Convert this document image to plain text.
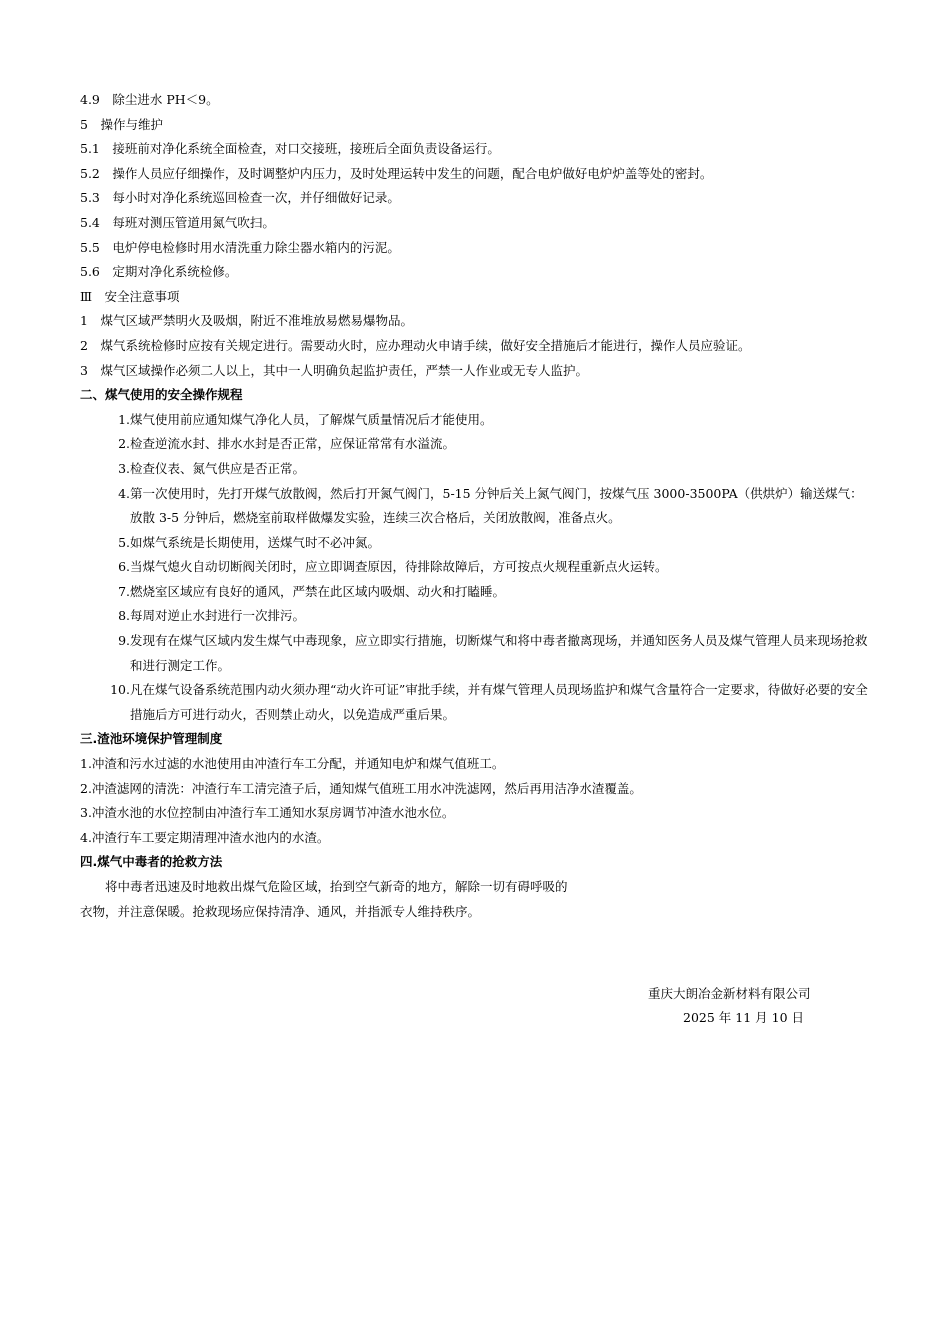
4.9　除尘进水 PH＜9。
5　操作与维护
5.1　接班前对净化系统全面检查，对口交接班，接班后全面负责设备运行。
5.2　操作人员应仔细操作，及时调整炉内压力，及时处理运转中发生的问题，配合电炉做好电炉炉盖等处的密封。
5.3　每小时对净化系统巡回检查一次，并仔细做好记录。
5.4　每班对测压管道用氮气吹扫。
5.5　电炉停电检修时用水清洗重力除尘器水箱内的污泥。
5.6　定期对净化系统检修。
Ⅲ　安全注意事项
1　煤气区域严禁明火及吸烟，附近不准堆放易燃易爆物品。
2　煤气系统检修时应按有关规定进行。需要动火时，应办理动火申请手续，做好安全措施后才能进行，操作人员应验证。
3　煤气区域操作必须二人以上，其中一人明确负起监护责任，严禁一人作业或无专人监护。
二、煤气使用的安全操作规程
1. 煤气使用前应通知煤气净化人员，了解煤气质量情况后才能使用。
2. 检查逆流水封、排水水封是否正常，应保证常常有水溢流。
3. 检查仪表、氮气供应是否正常。
4. 第一次使用时，先打开煤气放散阀，然后打开氮气阀门，5-15 分钟后关上氮气阀门，按煤气压 3000-3500PA（供烘炉）输送煤气：放散 3-5 分钟后，燃烧室前取样做爆发实验，连续三次合格后，关闭放散阀，准备点火。
5. 如煤气系统是长期使用，送煤气时不必冲氮。
6. 当煤气熄火自动切断阀关闭时，应立即调查原因，待排除故障后，方可按点火规程重新点火运转。
7. 燃烧室区域应有良好的通风，严禁在此区域内吸烟、动火和打瞌睡。
8. 每周对逆止水封进行一次排污。
9. 发现有在煤气区域内发生煤气中毒现象，应立即实行措施，切断煤气和将中毒者撤离现场，并通知医务人员及煤气管理人员来现场抢救和进行测定工作。
10. 凡在煤气设备系统范围内动火须办理“动火许可证”审批手续，并有煤气管理人员现场监护和煤气含量符合一定要求，待做好必要的安全措施后方可进行动火，否则禁止动火，以免造成严重后果。
三.渣池环境保护管理制度
1.冲渣和污水过滤的水池使用由冲渣行车工分配，并通知电炉和煤气值班工。
2.冲渣滤网的清洗：冲渣行车工清完渣子后，通知煤气值班工用水冲洗滤网，然后再用洁净水渣覆盖。
3.冲渣水池的水位控制由冲渣行车工通知水泵房调节冲渣水池水位。
4.冲渣行车工要定期清理冲渣水池内的水渣。
四.煤气中毒者的抢救方法
将中毒者迅速及时地救出煤气危险区域，抬到空气新奇的地方，解除一切有碍呼吸的
衣物，并注意保暖。抢救现场应保持清净、通风，并指派专人维持秩序。
重庆大朗冶金新材料有限公司
2025 年 11 月 10 日
